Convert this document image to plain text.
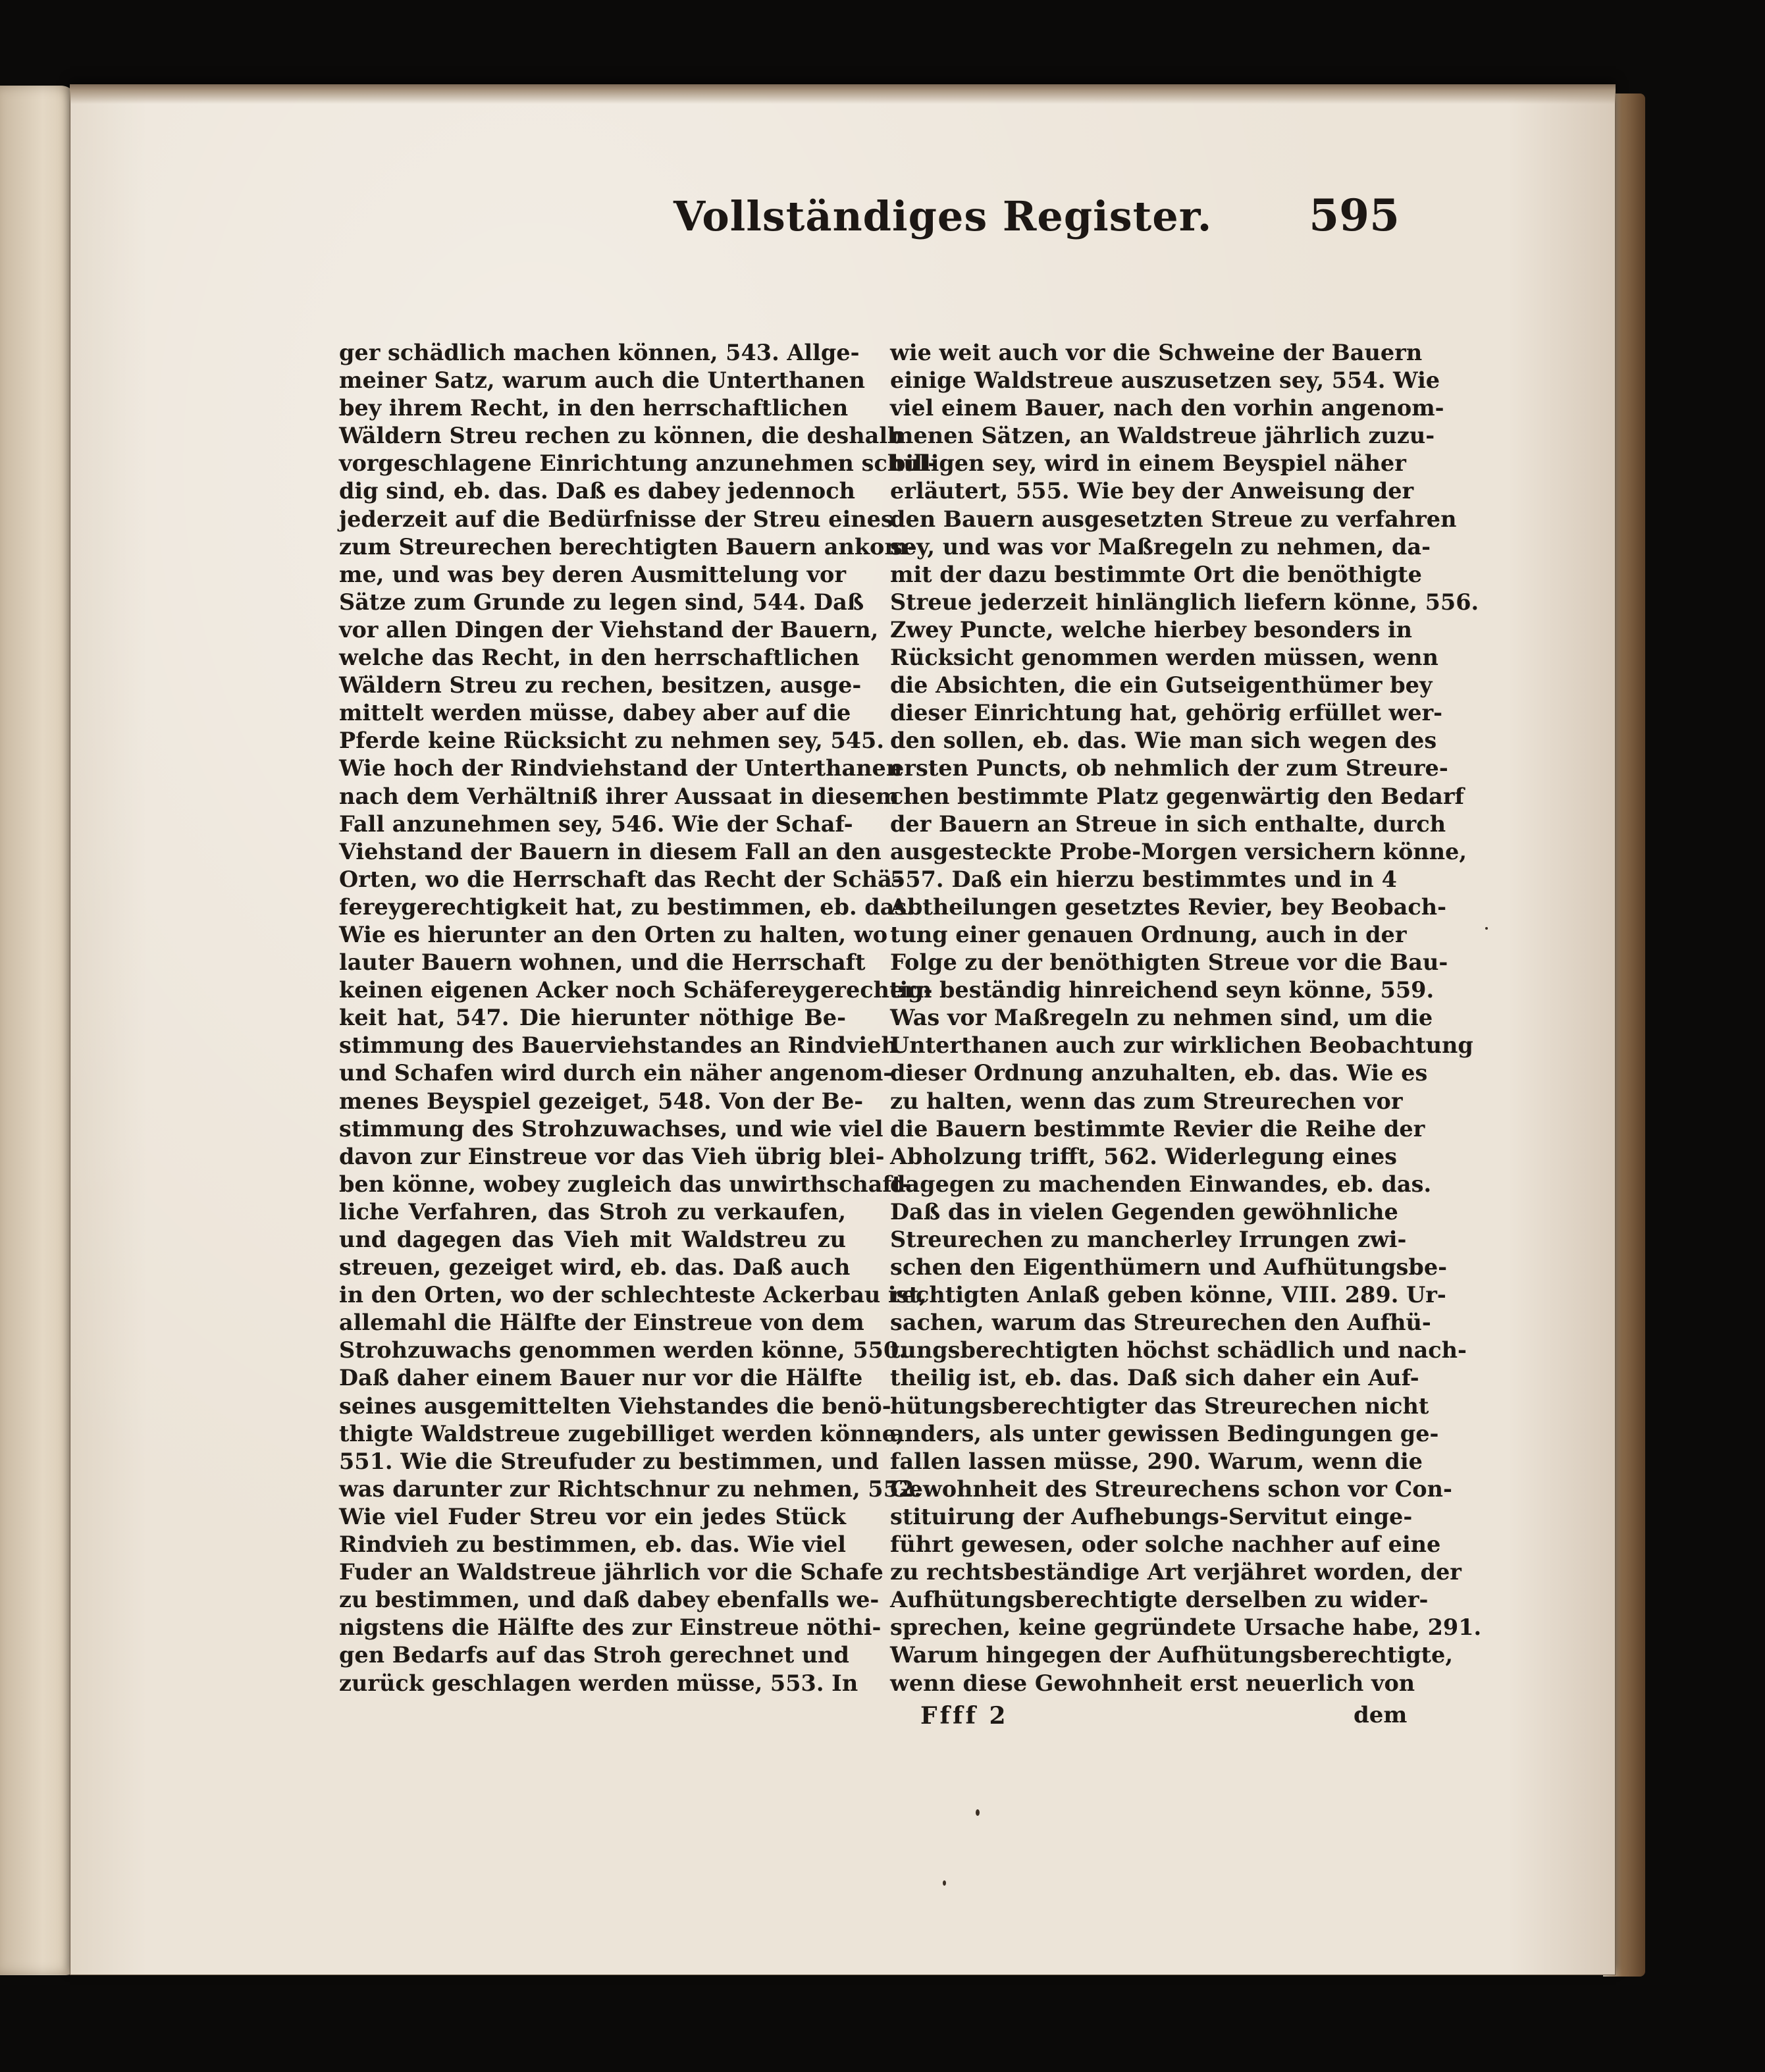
Vollständiges Register. 595
ger schädlich machen können, 543. Allge-
meiner Satz, warum auch die Unterthanen
bey ihrem Recht, in den herrschaftlichen
Wäldern Streu rechen zu können, die deshalb
vorgeschlagene Einrichtung anzunehmen schul-
dig sind, eb. das. Daß es dabey jedennoch
jederzeit auf die Bedürfnisse der Streu eines
zum Streurechen berechtigten Bauern ankom-
me, und was bey deren Ausmittelung vor
Sätze zum Grunde zu legen sind, 544. Daß
vor allen Dingen der Viehstand der Bauern,
welche das Recht, in den herrschaftlichen
Wäldern Streu zu rechen, besitzen, ausge-
mittelt werden müsse, dabey aber auf die
Pferde keine Rücksicht zu nehmen sey, 545.
Wie hoch der Rindviehstand der Unterthanen
nach dem Verhältniß ihrer Aussaat in diesem
Fall anzunehmen sey, 546. Wie der Schaf-
Viehstand der Bauern in diesem Fall an den
Orten, wo die Herrschaft das Recht der Schä-
fereygerechtigkeit hat, zu bestimmen, eb. das.
Wie es hierunter an den Orten zu halten, wo
lauter Bauern wohnen, und die Herrschaft
keinen eigenen Acker noch Schäfereygerechtig-
keit hat, 547. Die hierunter nöthige Be-
stimmung des Bauerviehstandes an Rindvieh
und Schafen wird durch ein näher angenom-
menes Beyspiel gezeiget, 548. Von der Be-
stimmung des Strohzuwachses, und wie viel
davon zur Einstreue vor das Vieh übrig blei-
ben könne, wobey zugleich das unwirthschaft-
liche Verfahren, das Stroh zu verkaufen,
und dagegen das Vieh mit Waldstreu zu
streuen, gezeiget wird, eb. das. Daß auch
in den Orten, wo der schlechteste Ackerbau ist,
allemahl die Hälfte der Einstreue von dem
Strohzuwachs genommen werden könne, 550.
Daß daher einem Bauer nur vor die Hälfte
seines ausgemittelten Viehstandes die benö-
thigte Waldstreue zugebilliget werden könne,
551. Wie die Streufuder zu bestimmen, und
was darunter zur Richtschnur zu nehmen, 552.
Wie viel Fuder Streu vor ein jedes Stück
Rindvieh zu bestimmen, eb. das. Wie viel
Fuder an Waldstreue jährlich vor die Schafe
zu bestimmen, und daß dabey ebenfalls we-
nigstens die Hälfte des zur Einstreue nöthi-
gen Bedarfs auf das Stroh gerechnet und
zurück geschlagen werden müsse, 553. In
wie weit auch vor die Schweine der Bauern
einige Waldstreue auszusetzen sey, 554. Wie
viel einem Bauer, nach den vorhin angenom-
menen Sätzen, an Waldstreue jährlich zuzu-
billigen sey, wird in einem Beyspiel näher
erläutert, 555. Wie bey der Anweisung der
den Bauern ausgesetzten Streue zu verfahren
sey, und was vor Maßregeln zu nehmen, da-
mit der dazu bestimmte Ort die benöthigte
Streue jederzeit hinlänglich liefern könne, 556.
Zwey Puncte, welche hierbey besonders in
Rücksicht genommen werden müssen, wenn
die Absichten, die ein Gutseigenthümer bey
dieser Einrichtung hat, gehörig erfüllet wer-
den sollen, eb. das. Wie man sich wegen des
ersten Puncts, ob nehmlich der zum Streure-
chen bestimmte Platz gegenwärtig den Bedarf
der Bauern an Streue in sich enthalte, durch
ausgesteckte Probe-Morgen versichern könne,
557. Daß ein hierzu bestimmtes und in 4
Abtheilungen gesetztes Revier, bey Beobach-
tung einer genauen Ordnung, auch in der
Folge zu der benöthigten Streue vor die Bau-
ern beständig hinreichend seyn könne, 559.
Was vor Maßregeln zu nehmen sind, um die
Unterthanen auch zur wirklichen Beobachtung
dieser Ordnung anzuhalten, eb. das. Wie es
zu halten, wenn das zum Streurechen vor
die Bauern bestimmte Revier die Reihe der
Abholzung trifft, 562. Widerlegung eines
dagegen zu machenden Einwandes, eb. das.
Daß das in vielen Gegenden gewöhnliche
Streurechen zu mancherley Irrungen zwi-
schen den Eigenthümern und Aufhütungsbe-
rechtigten Anlaß geben könne, VIII. 289. Ur-
sachen, warum das Streurechen den Aufhü-
tungsberechtigten höchst schädlich und nach-
theilig ist, eb. das. Daß sich daher ein Auf-
hütungsberechtigter das Streurechen nicht
anders, als unter gewissen Bedingungen ge-
fallen lassen müsse, 290. Warum, wenn die
Gewohnheit des Streurechens schon vor Con-
stituirung der Aufhebungs-Servitut einge-
führt gewesen, oder solche nachher auf eine
zu rechtsbeständige Art verjähret worden, der
Aufhütungsberechtigte derselben zu wider-
sprechen, keine gegründete Ursache habe, 291.
Warum hingegen der Aufhütungsberechtigte,
wenn diese Gewohnheit erst neuerlich von
Ffff 2	dem
